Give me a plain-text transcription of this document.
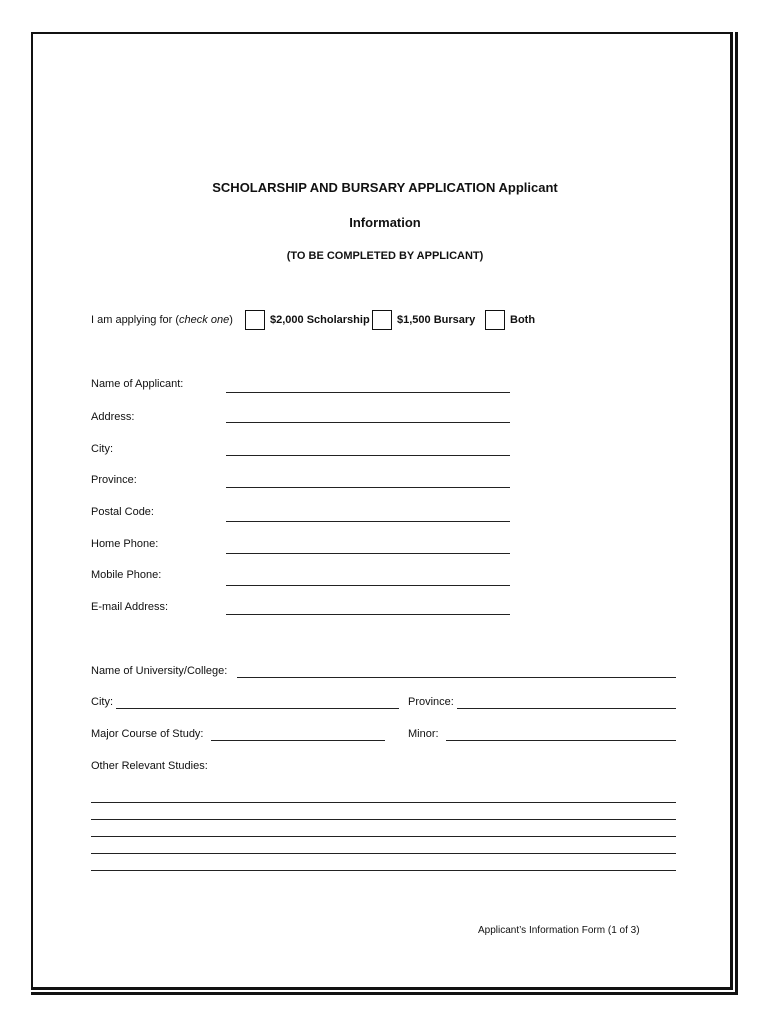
SCHOLARSHIP AND BURSARY APPLICATION Applicant
Information
(TO BE COMPLETED BY APPLICANT)
I am applying for (check one)	$2,000 Scholarship $1,500 Bursary	Both
Name of Applicant:
Address:
City:
Province:
Postal Code:
Home Phone:
Mobile Phone:
E-mail Address:
Name of University/College:
City:	Province:
Major Course of Study:	Minor:
Other Relevant Studies:
Applicant’s Information Form (1 of 3)
